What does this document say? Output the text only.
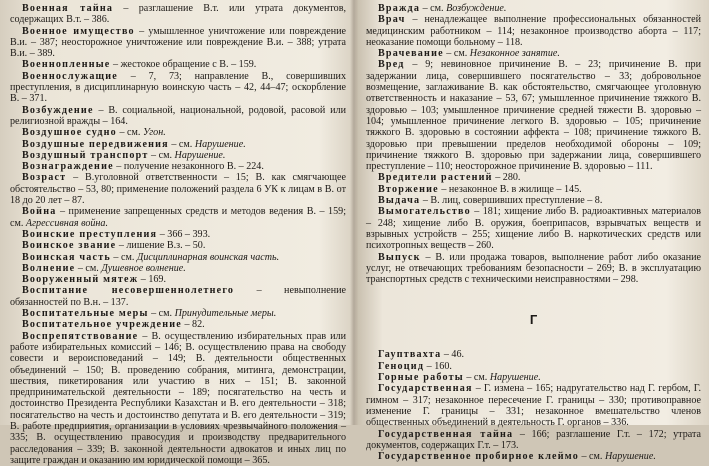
Военная тайна – разглашение В.т. или утрата документов, содержащих В.т. – 386.

Военное имущество – умышленное уничтожение или повреждение В.и. – 387; неосторожное уничтожение или повреждение В.и. – 388; утрата В.и. – 389.

Военнопленные – жестокое обращение с В. – 159.

Военнослужащие – 7, 73; направление В., совершивших преступления, в дисциплинарную воинскую часть – 42, 44–47; оскорбление В. – 371.

Возбуждение – В. социальной, национальной, родовой, расовой или религиозной вражды – 164.

Воздушное судно – см. Угон.

Воздушные передвижения – см. Нарушение.

Воздушный транспорт – см. Нарушение.

Вознаграждение – получение незаконного В. – 224.

Возраст – В.уголовной ответственности – 15; В. как смягчающее обстоятельство – 53, 80; применение положений раздела 6 УК к лицам в В. от 18 до 20 лет – 87.

Война – применение запрещенных средств и методов ведения В. – 159; см. Агрессивная война.

Воинские преступления – 366 – 393.

Воинское звание – лишение В.з. – 50.

Воинская часть – см. Дисциплинарная воинская часть.

Волнение – см. Душевное волнение.

Вооруженный мятеж – 169.

Воспитание несовершеннолетнего – невыполнение обязанностей по В.н. – 137.

Воспитательные меры – см. Принудительные меры.

Воспитательное учреждение – 82.

Воспрепятствование – В. осуществлению избирательных прав или работе избирательных комиссий – 146; В. осуществлению права на свободу совести и вероисповеданий – 149; В. деятельности общественных объединений – 150; В. проведению собрания, митинга, демонстрации, шествия, пикетирования или участию в них – 151; В. законной предпринимательской деятельности – 189; посягательство на честь и достоинство Президента Республики Казахстан и В. его деятельности – 318; посягательство на честь и достоинство депутата и В. его деятельности – 319; В. работе предприятия, организации в условиях чрезвычайного положения – 335; В. осуществлению правосудия и производству предварительного расследования – 339; В. законной деятельности адвокатов и иных лиц по защите граждан и оказанию им юридической помощи – 365.

Вражда – см. Возбуждение.

Врач – ненадлежащее выполнение профессиональных обязанностей медицинским работником – 114; незаконное производство аборта – 117; неоказание помощи больному – 118.

Врачевание – см. Незаконное занятие.

Вред – 9; невиновное причинение В. – 23; причинение В. при задержании лица, совершившего посягательство – 33; добровольное возмещение, заглаживание В. как обстоятельство, смягчающее уголовную ответственность и наказание – 53, 67; умышленное причинение тяжкого В. здоровью – 103; умышленное причинение средней тяжести В. здоровью – 104; умышленное причинение легкого В. здоровью – 105; причинение тяжкого В. здоровью в состоянии аффекта – 108; причинение тяжкого В. здоровью при превышении пределов необходимой обороны – 109; причинение тяжкого В. здоровью при задержании лица, совершившего преступление – 110; неосторожное причинение В. здоровью – 111.

Вредители растений – 280.

Вторжение – незаконное В. в жилище – 145.

Выдача – В. лиц, совершивших преступление – 8.

Вымогательство – 181; хищение либо В. радиоактивных материалов – 248; хищение либо В. оружия, боеприпасов, взрывчатых веществ и взрывных устройств – 255; хищение либо В. наркотических средств или психотропных веществ – 260.

Выпуск – В. или продажа товаров, выполнение работ либо оказание услуг, не отвечающих требованиям безопасности – 269; В. в эксплуатацию транспортных средств с техническими неисправностями – 298.

Г

Гауптвахта – 46.

Геноцид – 160.

Горные работы – см. Нарушение.

Государственная – Г. измена – 165; надругательство над Г. гербом, Г. гимном – 317; незаконное пересечение Г. границы – 330; противоправное изменение Г. границы – 331; незаконное вмешательство членов общественных объединений в деятельность Г. органов – 336.

Государственная тайна – 166; разглашение Г.т. – 172; утрата документов, содержащих Г.т. – 173.

Государственное пробирное клеймо – см. Нарушение.
